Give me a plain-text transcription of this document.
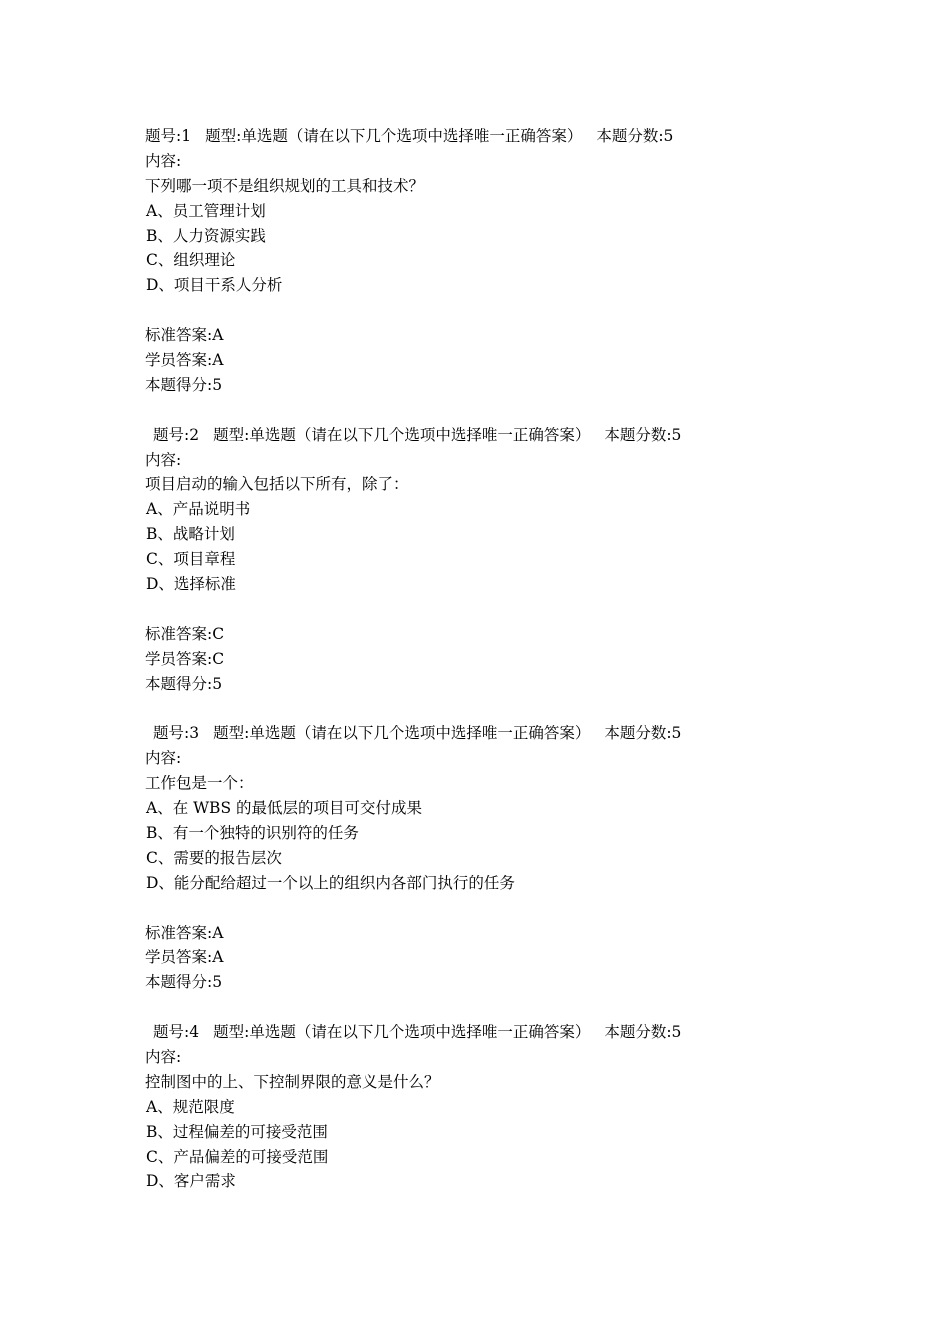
题号:1 题型:单选题（请在以下几个选项中选择唯一正确答案） 本题分数:5
内容:
下列哪一项不是组织规划的工具和技术？
A、员工管理计划
B、人力资源实践
C、组织理论
D、项目干系人分析
标准答案:A
学员答案:A
本题得分:5
题号:2 题型:单选题（请在以下几个选项中选择唯一正确答案） 本题分数:5
内容:
项目启动的输入包括以下所有，除了：
A、产品说明书
B、战略计划
C、项目章程
D、选择标准
标准答案:C
学员答案:C
本题得分:5
题号:3 题型:单选题（请在以下几个选项中选择唯一正确答案） 本题分数:5
内容:
工作包是一个：
A、在 WBS 的最低层的项目可交付成果
B、有一个独特的识别符的任务
C、需要的报告层次
D、能分配给超过一个以上的组织内各部门执行的任务
标准答案:A
学员答案:A
本题得分:5
题号:4 题型:单选题（请在以下几个选项中选择唯一正确答案） 本题分数:5
内容:
控制图中的上、下控制界限的意义是什么？
A、规范限度
B、过程偏差的可接受范围
C、产品偏差的可接受范围
D、客户需求
